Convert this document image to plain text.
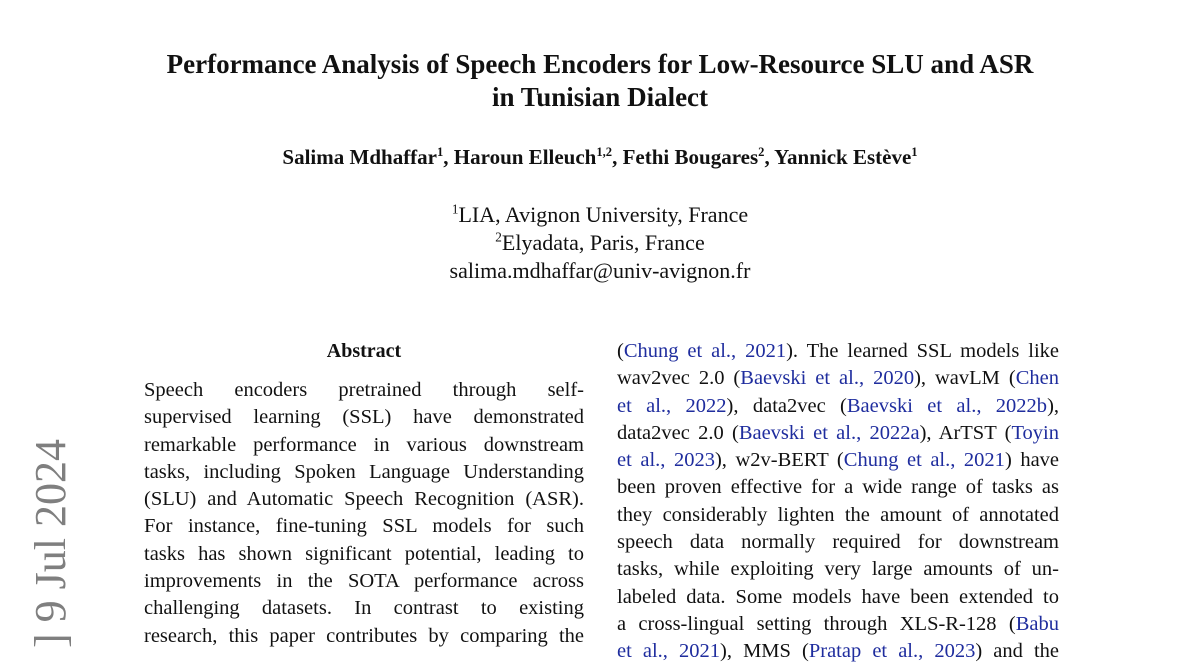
Performance Analysis of Speech Encoders for Low-Resource SLU and ASR
in Tunisian Dialect
Salima Mdhaffar$^1$, Haroun Elleuch$^{1,2}$, Fethi Bougares$^2$, Yannick Estève$^1$
$^1$LIA, Avignon University, France
$^2$Elyadata, Paris, France
salima.mdhaffar@univ-avignon.fr
] 9 Jul 2024
Abstract
Speech encoders pretrained through self-
supervised learning (SSL) have demonstrated
remarkable performance in various downstream
tasks, including Spoken Language Understanding
(SLU) and Automatic Speech Recognition (ASR).
For instance, fine-tuning SSL models for such
tasks has shown significant potential, leading to
improvements in the SOTA performance across
challenging datasets. In contrast to existing
research, this paper contributes by comparing the
(Chung et al., 2021). The learned SSL models like
wav2vec 2.0 (Baevski et al., 2020), wavLM (Chen
et al., 2022), data2vec (Baevski et al., 2022b),
data2vec 2.0 (Baevski et al., 2022a), ArTST (Toyin
et al., 2023), w2v-BERT (Chung et al., 2021) have
been proven effective for a wide range of tasks as
they considerably lighten the amount of annotated
speech data normally required for downstream
tasks, while exploiting very large amounts of un-
labeled data. Some models have been extended to
a cross-lingual setting through XLS-R-128 (Babu
et al., 2021), MMS (Pratap et al., 2023) and the
